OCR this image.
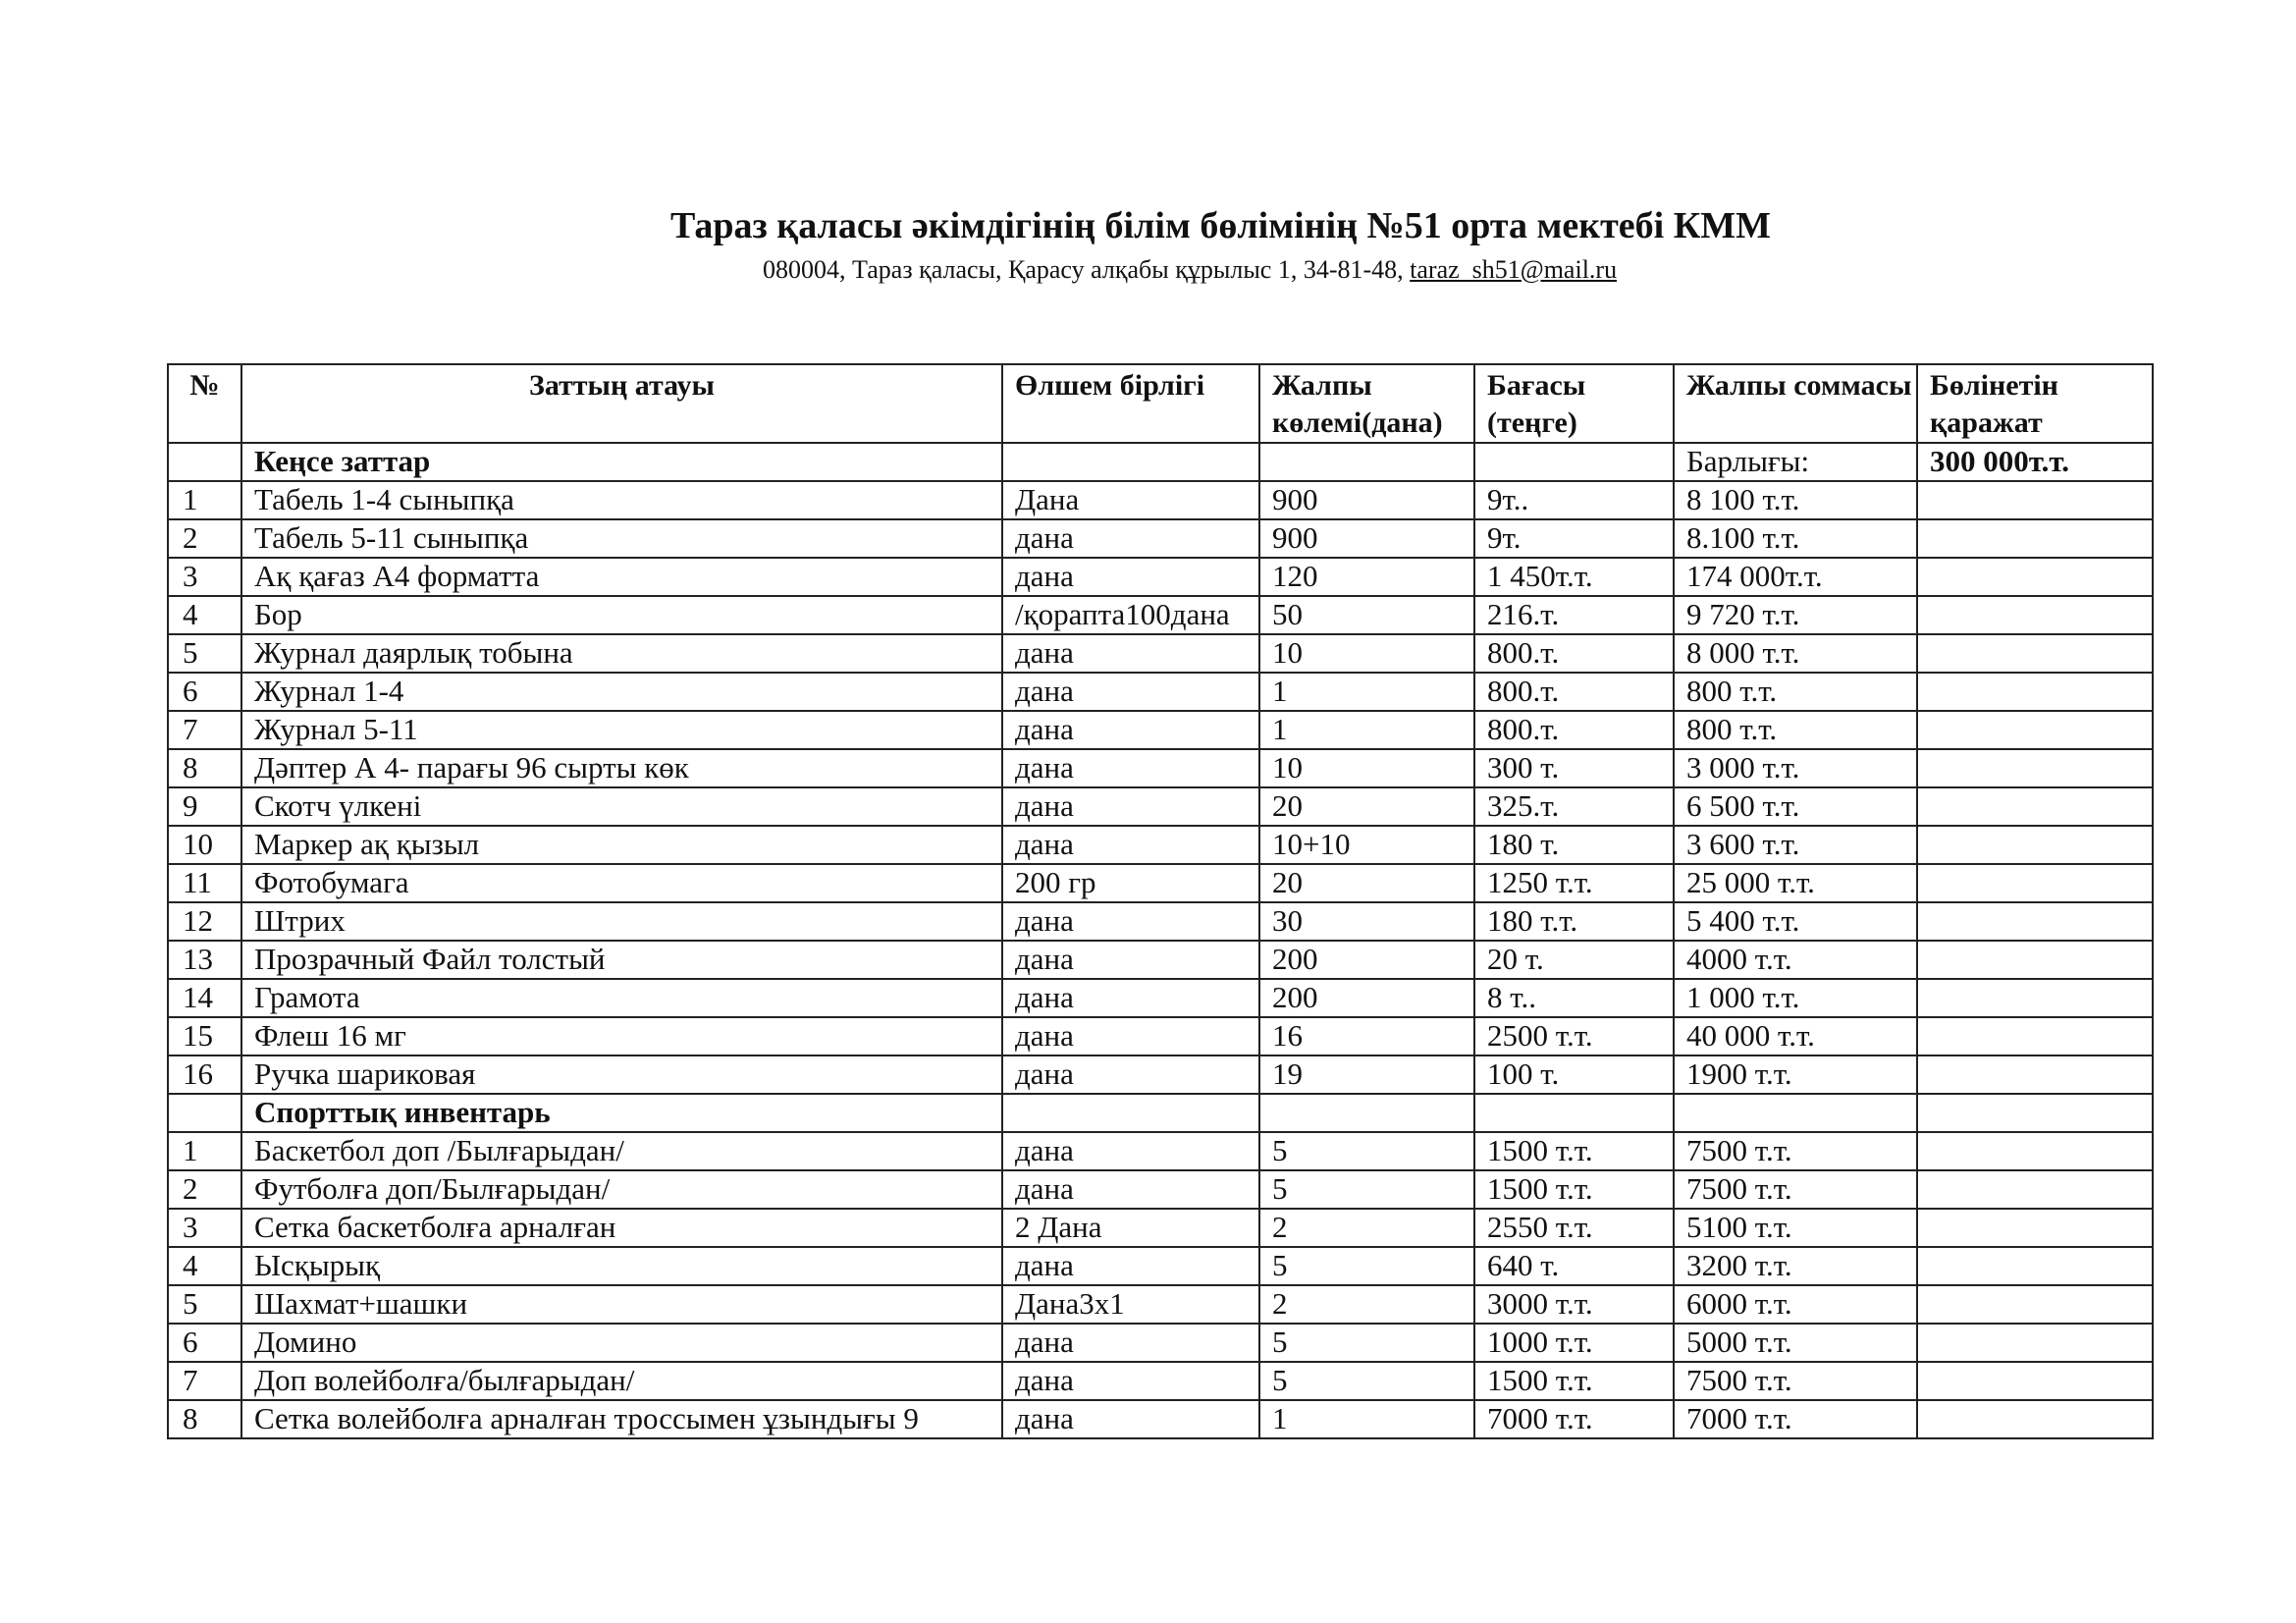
Тараз қаласы әкімдігінің білім бөлімінің №51 орта мектебі КММ
080004, Тараз қаласы, Қарасу алқабы құрылыс 1, 34-81-48, taraz_sh51@mail.ru
№	Заттың атауы	Өлшем бірлігі	Жалпы көлемі(дана)	Бағасы (теңге)	Жалпы соммасы	Бөлінетін қаражат
	Кеңсе заттар				Барлығы:	300 000т.т.
1	Табель 1-4 сыныпқа	Дана	900	9т..	8 100 т.т.	
2	Табель 5-11 сыныпқа	дана	900	9т.	8.100 т.т.	
3	Ақ қағаз А4 форматта	дана	120	1 450т.т.	174 000т.т.	
4	Бор	/қорапта100дана	50	216.т.	9 720 т.т.	
5	Журнал даярлық тобына	дана	10	800.т.	8 000 т.т.	
6	Журнал 1-4	дана	1	800.т.	800 т.т.	
7	Журнал 5-11	дана	1	800.т.	800 т.т.	
8	Дәптер А 4- парағы 96 сырты көк	дана	10	300 т.	3 000 т.т.	
9	Скотч үлкені	дана	20	325.т.	6 500 т.т.	
10	Маркер ақ қызыл	дана	10+10	180 т.	3 600 т.т.	
11	Фотобумага	200 гр	20	1250 т.т.	25 000 т.т.	
12	Штрих	дана	30	180 т.т.	5 400 т.т.	
13	Прозрачный Файл толстый	дана	200	20 т.	4000 т.т.	
14	Грамота	дана	200	8 т..	1 000 т.т.	
15	Флеш 16 мг	дана	16	2500 т.т.	40 000 т.т.	
16	Ручка шариковая	дана	19	100 т.	1900 т.т.	
	Спорттық инвентарь					
1	Баскетбол доп /Былғарыдан/	дана	5	1500 т.т.	7500 т.т.	
2	Футболға доп/Былғарыдан/	дана	5	1500 т.т.	7500 т.т.	
3	Сетка баскетболға арналған	2 Дана	2	2550 т.т.	5100 т.т.	
4	Ысқырық	дана	5	640 т.	3200 т.т.	
5	Шахмат+шашки	Дана3х1	2	3000 т.т.	6000 т.т.	
6	Домино	дана	5	1000 т.т.	5000 т.т.	
7	Доп волейболға/былғарыдан/	дана	5	1500 т.т.	7500 т.т.	
8	Сетка волейболға арналған троссымен ұзындығы 9	дана	1	7000 т.т.	7000 т.т.	
